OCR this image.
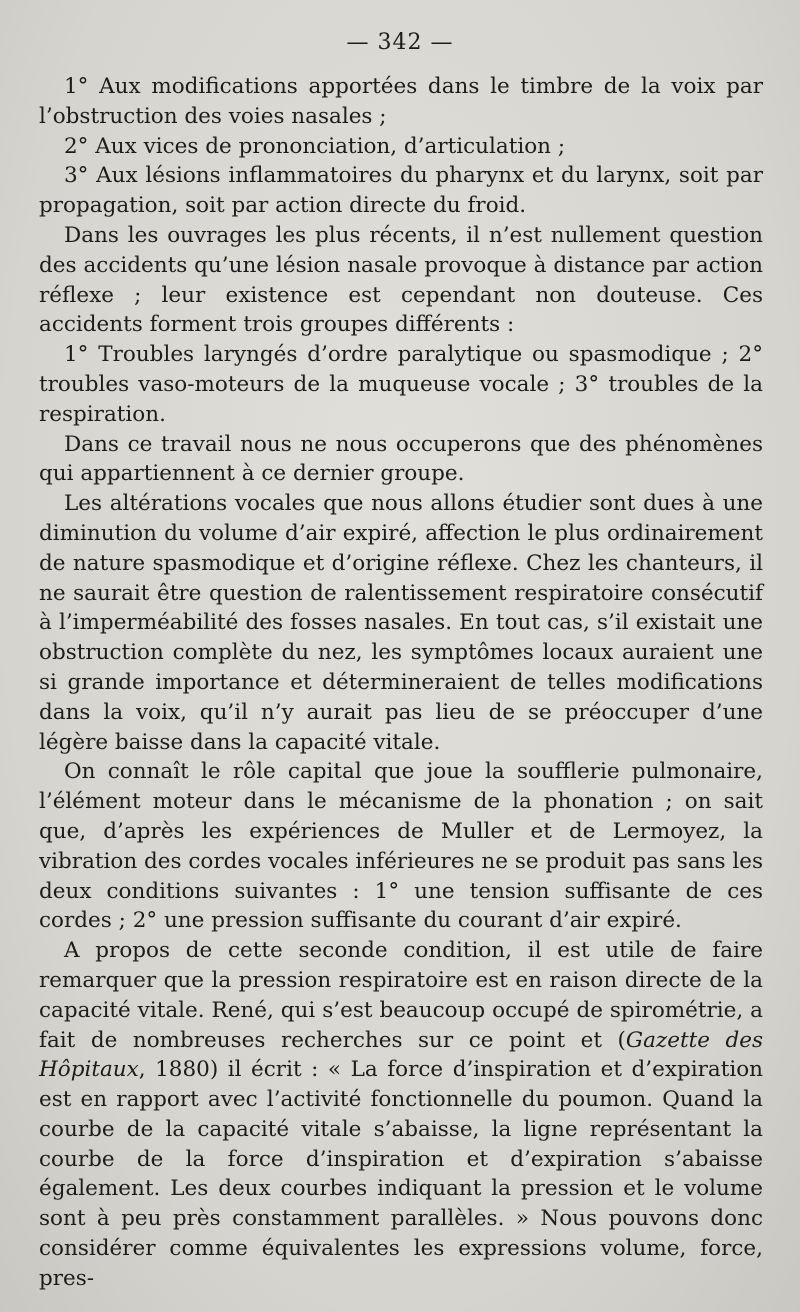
— 342 —

1° Aux modifications apportées dans le timbre de la voix par l’obstruction des voies nasales ;

2° Aux vices de prononciation, d’articulation ;

3° Aux lésions inflammatoires du pharynx et du larynx, soit par propagation, soit par action directe du froid.

Dans les ouvrages les plus récents, il n’est nullement question des accidents qu’une lésion nasale provoque à distance par action réflexe ; leur existence est cependant non douteuse. Ces accidents forment trois groupes différents :

1° Troubles laryngés d’ordre paralytique ou spasmodique ; 2° troubles vaso-moteurs de la muqueuse vocale ; 3° troubles de la respiration.

Dans ce travail nous ne nous occuperons que des phénomènes qui appartiennent à ce dernier groupe.

Les altérations vocales que nous allons étudier sont dues à une diminution du volume d’air expiré, affection le plus ordinairement de nature spasmodique et d’origine réflexe. Chez les chanteurs, il ne saurait être question de ralentissement respiratoire consécutif à l’imperméabilité des fosses nasales. En tout cas, s’il existait une obstruction complète du nez, les symptômes locaux auraient une si grande importance et détermineraient de telles modifications dans la voix, qu’il n’y aurait pas lieu de se préoccuper d’une légère baisse dans la capacité vitale.

On connaît le rôle capital que joue la soufflerie pulmonaire, l’élément moteur dans le mécanisme de la phonation ; on sait que, d’après les expériences de Muller et de Lermoyez, la vibration des cordes vocales inférieures ne se produit pas sans les deux conditions suivantes : 1° une tension suffisante de ces cordes ; 2° une pression suffisante du courant d’air expiré.

A propos de cette seconde condition, il est utile de faire remarquer que la pression respiratoire est en raison directe de la capacité vitale. René, qui s’est beaucoup occupé de spirométrie, a fait de nombreuses recherches sur ce point et (Gazette des Hôpitaux, 1880) il écrit : « La force d’inspiration et d’expiration est en rapport avec l’activité fonctionnelle du poumon. Quand la courbe de la capacité vitale s’abaisse, la ligne représentant la courbe de la force d’inspiration et d’expiration s’abaisse également. Les deux courbes indiquant la pression et le volume sont à peu près constamment parallèles. » Nous pouvons donc considérer comme équivalentes les expressions volume, force, pres-
